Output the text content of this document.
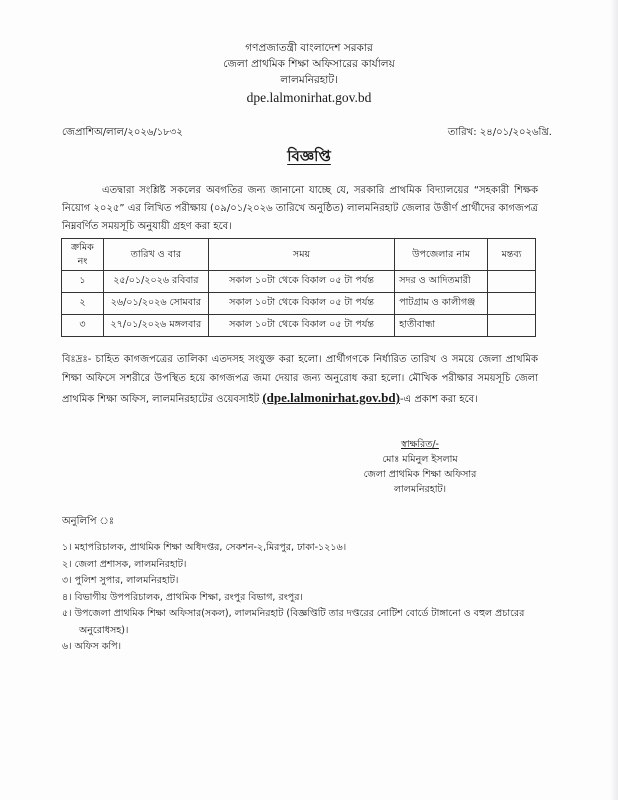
গণপ্রজাতন্ত্রী বাংলাদেশ সরকার
জেলা প্রাথমিক শিক্ষা অফিসারের কার্যালয়
লালমনিরহাট।
dpe.lalmonirhat.gov.bd
জেপ্রাশিঅ/লাল/২০২৬/১৮৩২	তারিখ: ২৪/০১/২০২৬খ্রি.
বিজ্ঞপ্তি

এতদ্বারা সংশ্লিষ্ট সকলের অবগতির জন্য জানানো যাচ্ছে যে, সরকারি প্রাথমিক বিদ্যালয়ের “সহকারী শিক্ষক নিয়োগ ২০২৫” এর লিখিত পরীক্ষায় (০৯/০১/২০২৬ তারিখে অনুষ্ঠিত) লালমনিরহাট জেলার উত্তীর্ণ প্রার্থীদের কাগজপত্র নিম্নবর্ণিত সময়সূচি অনুযায়ী গ্রহণ করা হবে।

ক্রমিক নং	তারিখ ও বার	সময়	উপজেলার নাম	মন্তব্য
১	২৫/০১/২০২৬ রবিবার	সকাল ১০টা থেকে বিকাল ০৫ টা পর্যন্ত	সদর ও আদিতমারী	
২	২৬/০১/২০২৬ সোমবার	সকাল ১০টা থেকে বিকাল ০৫ টা পর্যন্ত	পাটগ্রাম ও কালীগঞ্জ	
৩	২৭/০১/২০২৬ মঙ্গলবার	সকাল ১০টা থেকে বিকাল ০৫ টা পর্যন্ত	হাতীবান্ধা	

বিঃদ্রঃ- চাহিত কাগজপত্রের তালিকা এতদসহ সংযুক্ত করা হলো। প্রার্থীগণকে নির্ধারিত তারিখ ও সময়ে জেলা প্রাথমিক শিক্ষা অফিসে সশরীরে উপস্থিত হয়ে কাগজপত্র জমা দেয়ার জন্য অনুরোধ করা হলো। মৌখিক পরীক্ষার সময়সূচি জেলা প্রাথমিক শিক্ষা অফিস, লালমনিরহাটের ওয়েবসাইট (dpe.lalmonirhat.gov.bd)-এ প্রকাশ করা হবে।

স্বাক্ষরিত/-
মোঃ মমিনুল ইসলাম
জেলা প্রাথমিক শিক্ষা অফিসার
লালমনিরহাট।
অনুলিপি ঃ
১। মহাপরিচালক, প্রাথমিক শিক্ষা অধিদপ্তর, সেকশন-২,মিরপুর, ঢাকা-১২১৬।
২। জেলা প্রশাসক, লালমনিরহাট।
৩। পুলিশ সুপার, লালমনিরহাট।
৪। বিভাগীয় উপপরিচালক, প্রাথমিক শিক্ষা, রংপুর বিভাগ, রংপুর।
৫। উপজেলা প্রাথমিক শিক্ষা অফিসার(সকল), লালমনিরহাট (বিজ্ঞপ্তিটি তার দপ্তরের নোটিশ বোর্ডে টাঙ্গানো ও বহুল প্রচারের অনুরোধসহ)।
৬। অফিস কপি।
